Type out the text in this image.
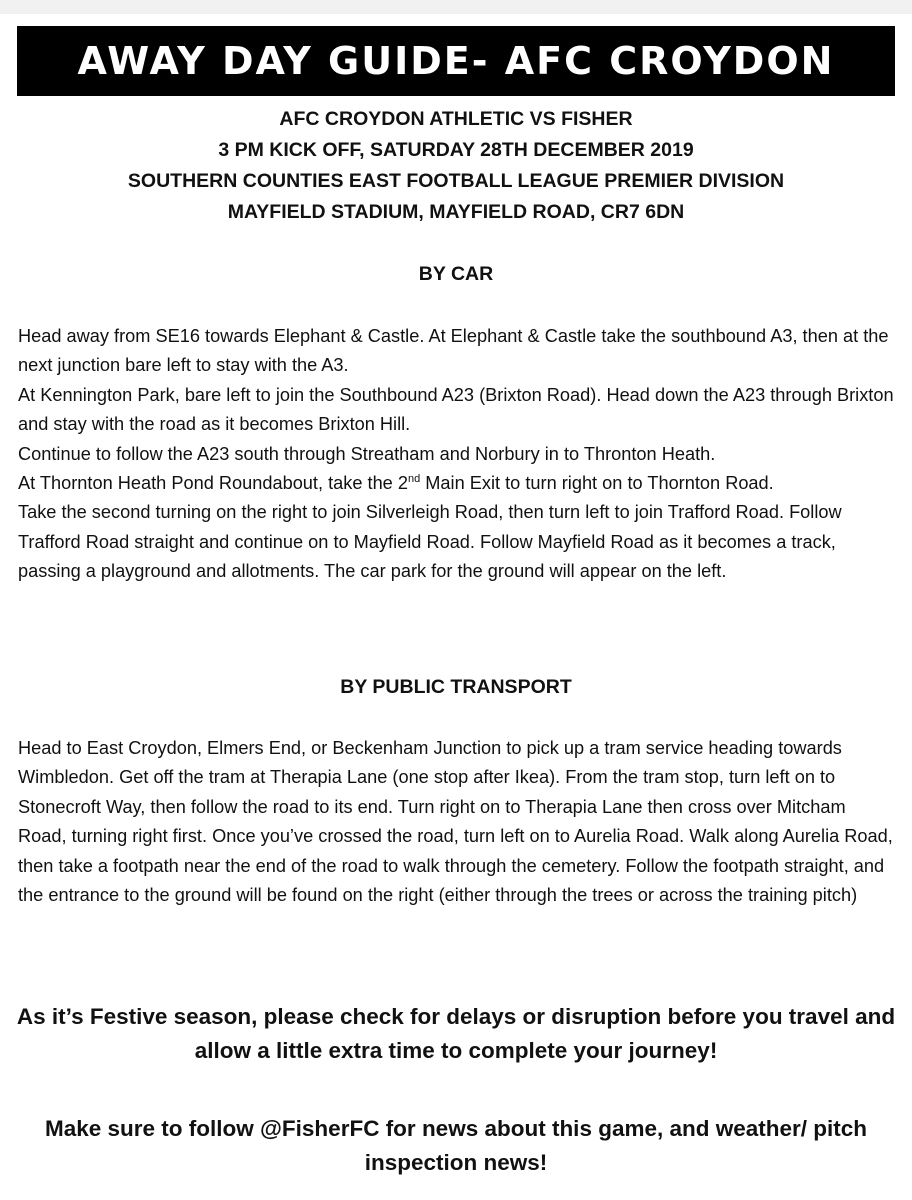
AWAY DAY GUIDE- AFC CROYDON
AFC CROYDON ATHLETIC VS FISHER
3 PM KICK OFF, SATURDAY 28TH DECEMBER 2019
SOUTHERN COUNTIES EAST FOOTBALL LEAGUE PREMIER DIVISION
MAYFIELD STADIUM, MAYFIELD ROAD, CR7 6DN
BY CAR

Head away from SE16 towards Elephant & Castle. At Elephant & Castle take the southbound A3, then at the next junction bare left to stay with the A3.

At Kennington Park, bare left to join the Southbound A23 (Brixton Road). Head down the A23 through Brixton and stay with the road as it becomes Brixton Hill.

Continue to follow the A23 south through Streatham and Norbury in to Thronton Heath.

At Thornton Heath Pond Roundabout, take the 2nd Main Exit to turn right on to Thornton Road.

Take the second turning on the right to join Silverleigh Road, then turn left to join Trafford Road. Follow Trafford Road straight and continue on to Mayfield Road. Follow Mayfield Road as it becomes a track, passing a playground and allotments. The car park for the ground will appear on the left.

BY PUBLIC TRANSPORT

Head to East Croydon, Elmers End, or Beckenham Junction to pick up a tram service heading towards Wimbledon. Get off the tram at Therapia Lane (one stop after Ikea). From the tram stop, turn left on to Stonecroft Way, then follow the road to its end. Turn right on to Therapia Lane then cross over Mitcham Road, turning right first. Once you’ve crossed the road, turn left on to Aurelia Road. Walk along Aurelia Road, then take a footpath near the end of the road to walk through the cemetery. Follow the footpath straight, and the entrance to the ground will be found on the right (either through the trees or across the training pitch)

As it’s Festive season, please check for delays or disruption before you travel and allow a little extra time to complete your journey!
Make sure to follow @FisherFC for news about this game, and weather/ pitch inspection news!
